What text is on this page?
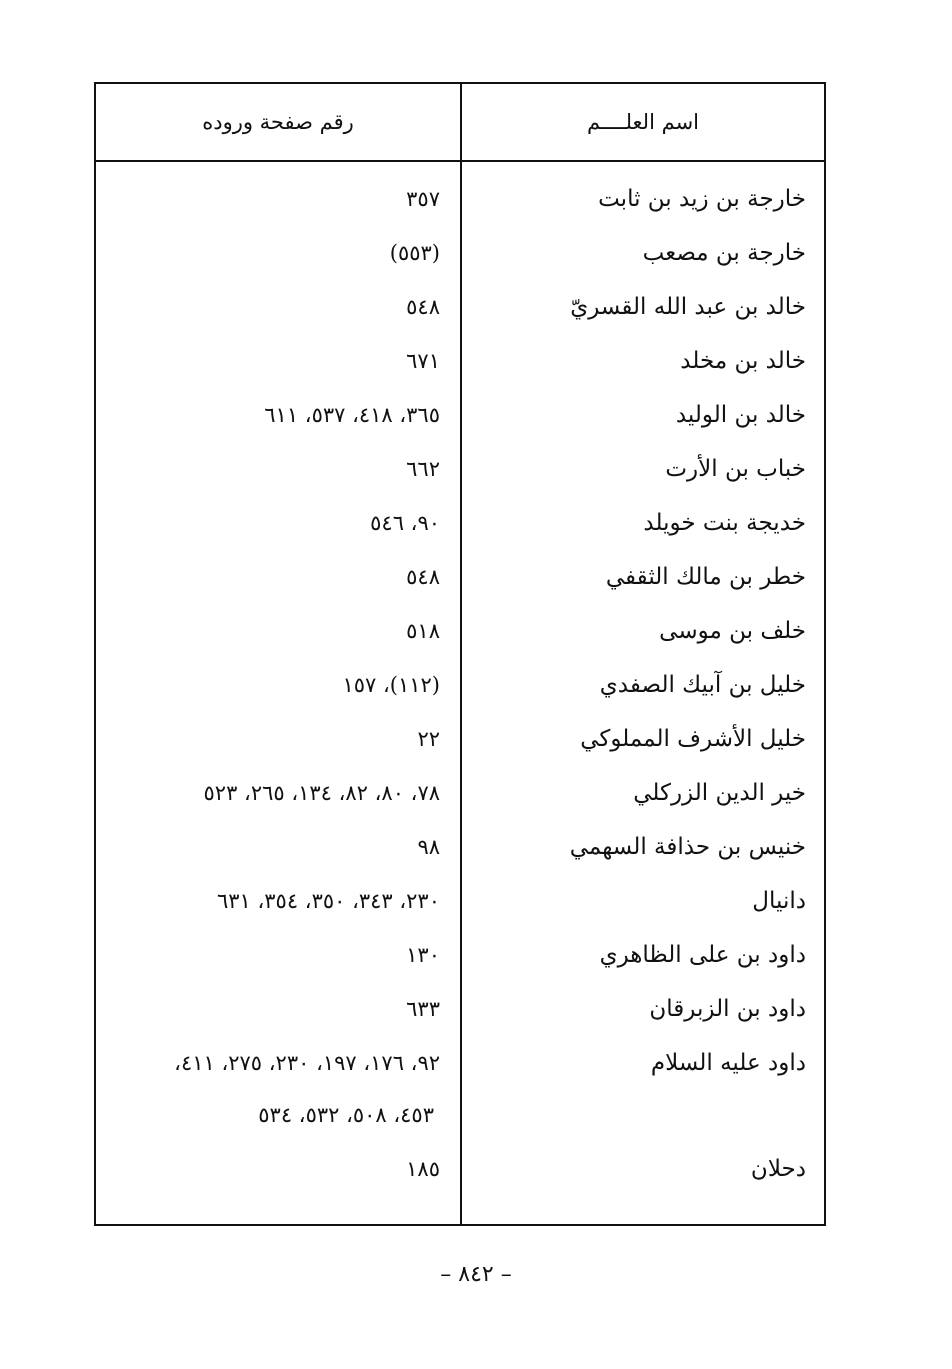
اسم العلــــم
رقم صفحة وروده
خارجة بن زيد بن ثابت
٣٥٧
خارجة بن مصعب
(٥٥٣)
خالد بن عبد الله القسريّ
٥٤٨
خالد بن مخلد
٦٧١
خالد بن الوليد
٣٦٥، ٤١٨، ٥٣٧، ٦١١
خباب بن الأرت
٦٦٢
خديجة بنت خويلد
٩٠، ٥٤٦
خطر بن مالك الثقفي
٥٤٨
خلف بن موسى
٥١٨
خليل بن آبيك الصفدي
(١١٢)، ١٥٧
خليل الأشرف المملوكي
٢٢
خير الدين الزركلي
٧٨، ٨٠، ٨٢، ١٣٤، ٢٦٥، ٥٢٣
خنيس بن حذافة السهمي
٩٨
دانيال
٢٣٠، ٣٤٣، ٣٥٠، ٣٥٤، ٦٣١
داود بن على الظاهري
١٣٠
داود بن الزبرقان
٦٣٣
داود عليه السلام
٩٢، ١٧٦، ١٩٧، ٢٣٠، ٢٧٥، ٤١١،
٤٥٣، ٥٠٨، ٥٣٢، ٥٣٤
دحلان
١٨٥
– ٨٤٢ –
